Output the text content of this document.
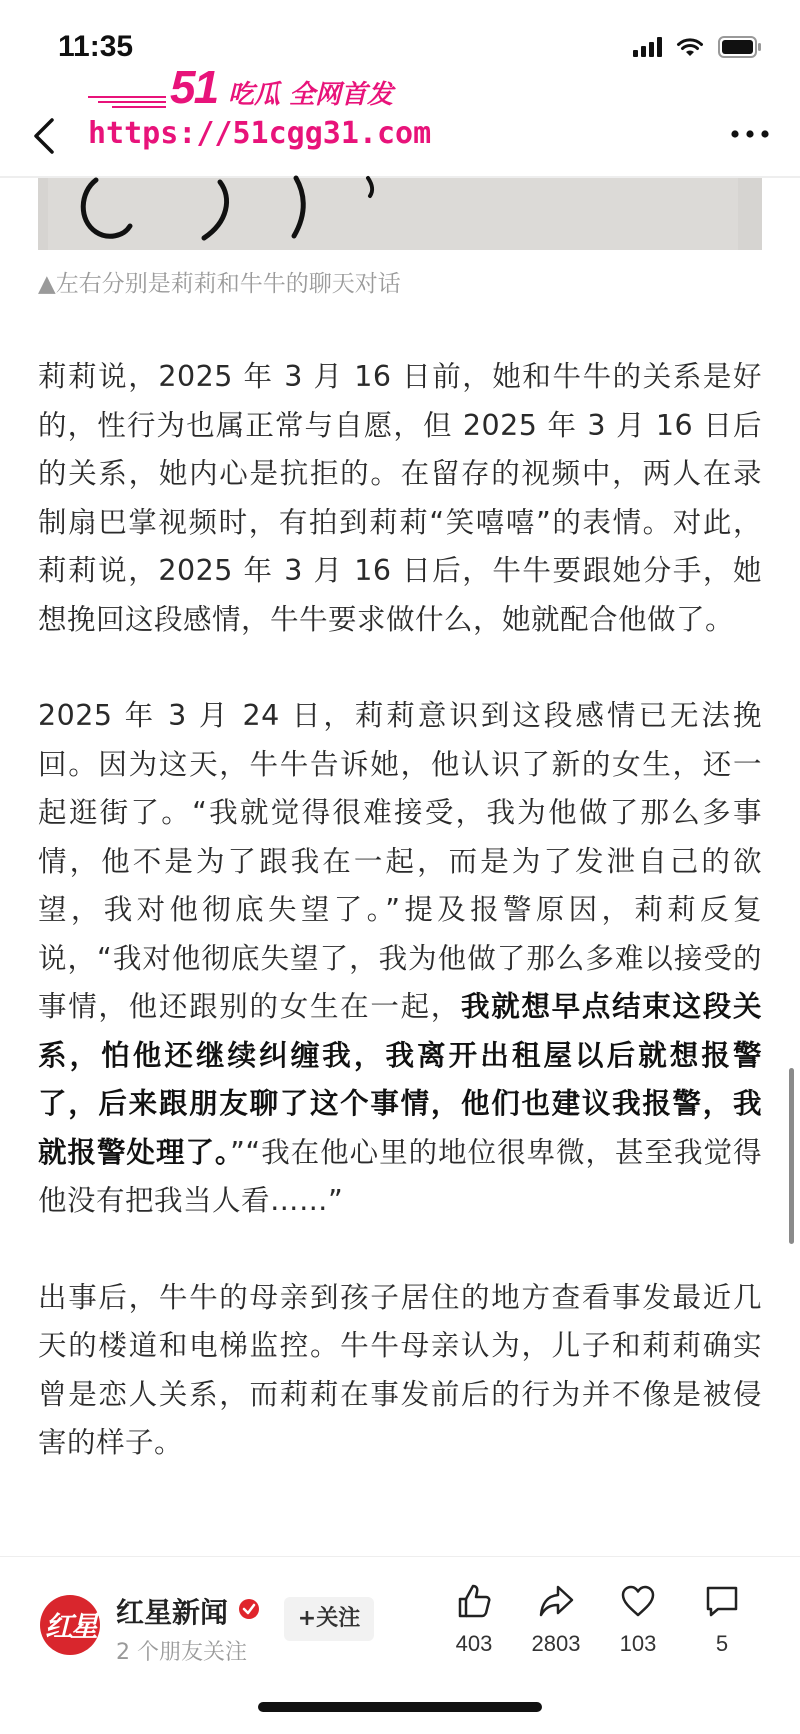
11:35
51 吃瓜 全网首发
https://51cgg31.com
▲左右分别是莉莉和牛牛的聊天对话

莉莉说，2025 年 3 月 16 日前，她和牛牛的关系是好的，性行为也属正常与自愿，但 2025 年 3 月 16 日后的关系，她内心是抗拒的。在留存的视频中，两人在录制扇巴掌视频时，有拍到莉莉“笑嘻嘻”的表情。对此，莉莉说，2025 年 3 月 16 日后，牛牛要跟她分手，她想挽回这段感情，牛牛要求做什么，她就配合他做了。

2025 年 3 月 24 日，莉莉意识到这段感情已无法挽回。因为这天，牛牛告诉她，他认识了新的女生，还一起逛街了。“我就觉得很难接受，我为他做了那么多事情，他不是为了跟我在一起，而是为了发泄自己的欲望，我对他彻底失望了。”提及报警原因，莉莉反复说，“我对他彻底失望了，我为他做了那么多难以接受的事情，他还跟别的女生在一起，我就想早点结束这段关系，怕他还继续纠缠我，我离开出租屋以后就想报警了，后来跟朋友聊了这个事情，他们也建议我报警，我就报警处理了。”“我在他心里的地位很卑微，甚至我觉得他没有把我当人看……”

出事后，牛牛的母亲到孩子居住的地方查看事发最近几天的楼道和电梯监控。牛牛母亲认为，儿子和莉莉确实曾是恋人关系，而莉莉在事发前后的行为并不像是被侵害的样子。

红星 红星新闻
2 个朋友关注
+关注
403	2803	103	5
